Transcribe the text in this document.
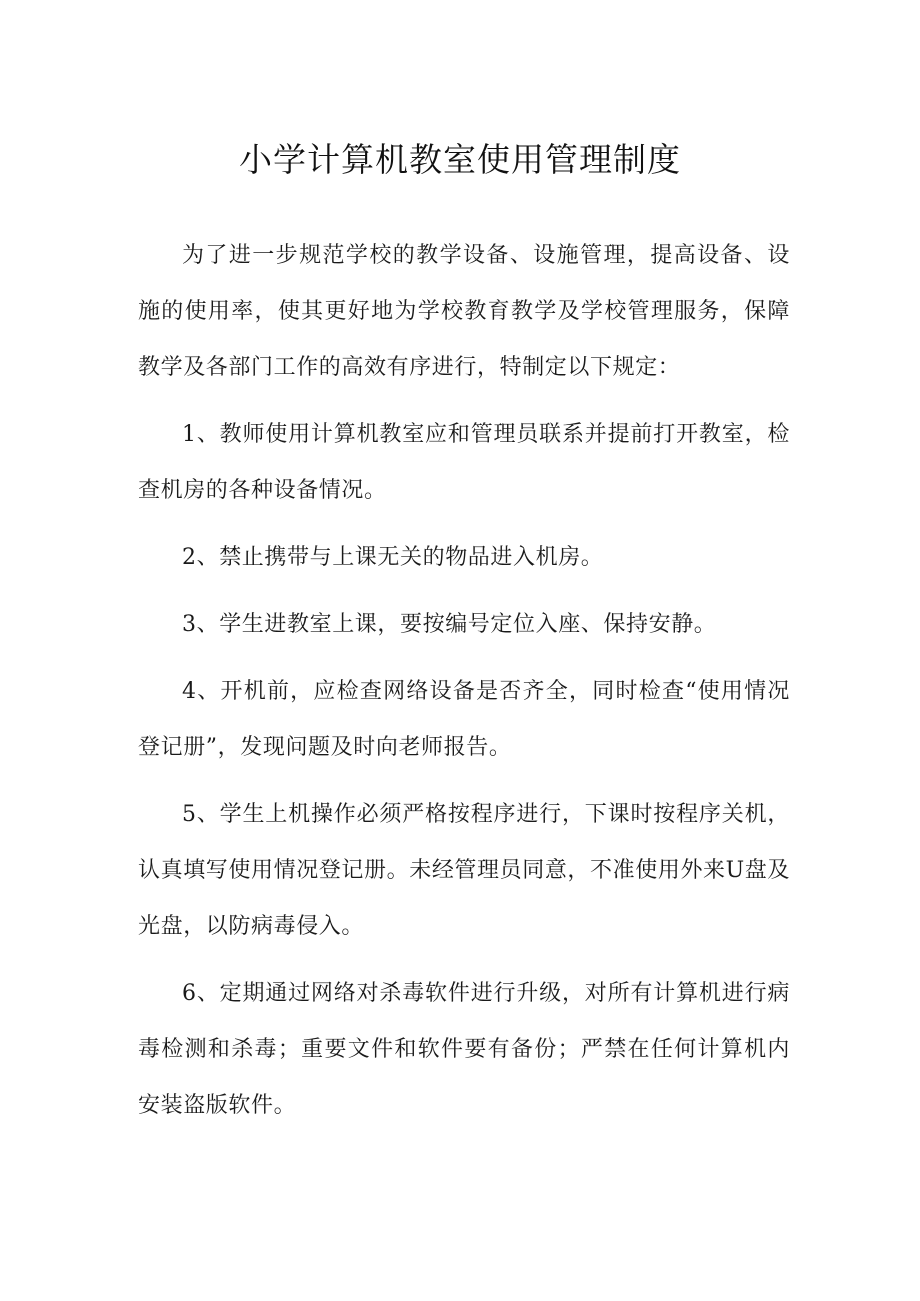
小学计算机教室使用管理制度

为了进一步规范学校的教学设备、设施管理，提高设备、设施的使用率，使其更好地为学校教育教学及学校管理服务，保障教学及各部门工作的高效有序进行，特制定以下规定：

1、教师使用计算机教室应和管理员联系并提前打开教室，检查机房的各种设备情况。

2、禁止携带与上课无关的物品进入机房。

3、学生进教室上课，要按编号定位入座、保持安静。

4、开机前，应检查网络设备是否齐全，同时检查“使用情况登记册”，发现问题及时向老师报告。

5、学生上机操作必须严格按程序进行，下课时按程序关机，认真填写使用情况登记册。未经管理员同意，不准使用外来U盘及光盘，以防病毒侵入。

6、定期通过网络对杀毒软件进行升级，对所有计算机进行病毒检测和杀毒；重要文件和软件要有备份；严禁在任何计算机内安装盗版软件。
